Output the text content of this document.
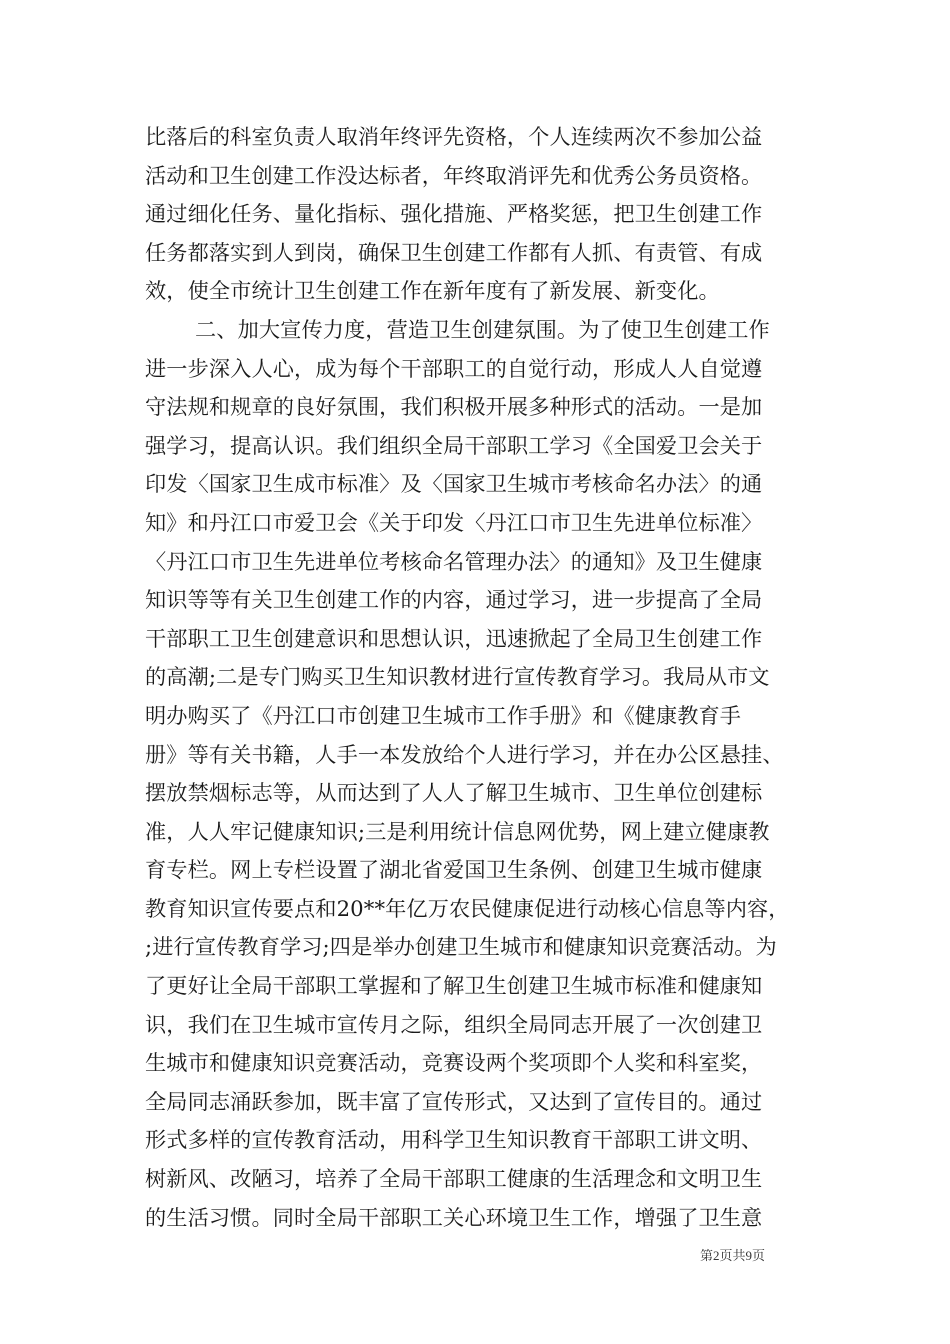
比落后的科室负责人取消年终评先资格，个人连续两次不参加公益
活动和卫生创建工作没达标者，年终取消评先和优秀公务员资格。
通过细化任务、量化指标、强化措施、严格奖惩，把卫生创建工作
任务都落实到人到岗，确保卫生创建工作都有人抓、有责管、有成
效，使全市统计卫生创建工作在新年度有了新发展、新变化。
二、加大宣传力度，营造卫生创建氛围。为了使卫生创建工作
进一步深入人心，成为每个干部职工的自觉行动，形成人人自觉遵
守法规和规章的良好氛围，我们积极开展多种形式的活动。一是加
强学习，提高认识。我们组织全局干部职工学习《全国爱卫会关于
印发〈国家卫生成市标准〉及〈国家卫生城市考核命名办法〉的通
知》和丹江口市爱卫会《关于印发〈丹江口市卫生先进单位标准〉
〈丹江口市卫生先进单位考核命名管理办法〉的通知》及卫生健康
知识等等有关卫生创建工作的内容，通过学习，进一步提高了全局
干部职工卫生创建意识和思想认识，迅速掀起了全局卫生创建工作
的高潮;二是专门购买卫生知识教材进行宣传教育学习。我局从市文
明办购买了《丹江口市创建卫生城市工作手册》和《健康教育手
册》等有关书籍，人手一本发放给个人进行学习，并在办公区悬挂、
摆放禁烟标志等，从而达到了人人了解卫生城市、卫生单位创建标
准，人人牢记健康知识;三是利用统计信息网优势，网上建立健康教
育专栏。网上专栏设置了湖北省爱国卫生条例、创建卫生城市健康
教育知识宣传要点和20**年亿万农民健康促进行动核心信息等内容，
;进行宣传教育学习;四是举办创建卫生城市和健康知识竞赛活动。为
了更好让全局干部职工掌握和了解卫生创建卫生城市标准和健康知
识，我们在卫生城市宣传月之际，组织全局同志开展了一次创建卫
生城市和健康知识竞赛活动，竞赛设两个奖项即个人奖和科室奖，
全局同志涌跃参加，既丰富了宣传形式，又达到了宣传目的。通过
形式多样的宣传教育活动，用科学卫生知识教育干部职工讲文明、
树新风、改陋习，培养了全局干部职工健康的生活理念和文明卫生
的生活习惯。同时全局干部职工关心环境卫生工作，增强了卫生意
第2页共9页
